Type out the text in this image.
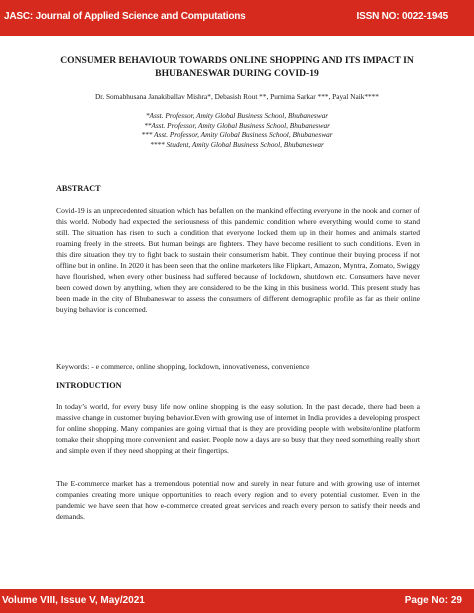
JASC: Journal of Applied Science and Computations	ISSN NO: 0022-1945
CONSUMER BEHAVIOUR TOWARDS ONLINE SHOPPING AND ITS IMPACT IN BHUBANESWAR DURING COVID-19
Dr. Somabhusana Janakiballav Mishra*, Debasish Rout **, Purnima Sarkar ***, Payal Naik****
*Asst. Professor, Amity Global Business School, Bhubaneswar
**Asst. Professor, Amity Global Business School, Bhubaneswar
*** Asst. Professor, Amity Global Business School, Bhubaneswar
**** Student, Amity Global Business School, Bhubaneswar
ABSTRACT

Covid-19 is an unprecedented situation which has befallen on the mankind effecting everyone in the nook and corner of this world. Nobody had expected the seriousness of this pandemic condition where everything would come to stand still. The situation has risen to such a condition that everyone locked them up in their homes and animals started roaming freely in the streets. But human beings are fighters. They have become resilient to such conditions. Even in this dire situation they try to fight back to sustain their consumerism habit. They continue their buying process if not offline but in online. In 2020 it has been seen that the online marketers like Flipkart, Amazon, Myntra, Zomato, Swiggy have flourished, when every other business had suffered because of lockdown, shutdown etc. Consumers have never been cowed down by anything, when they are considered to be the king in this business world. This present study has been made in the city of Bhubaneswar to assess the consumers of different demographic profile as far as their online buying behavior is concerned.

Keywords: - e commerce, online shopping, lockdown, innovativeness, convenience

INTRODUCTION

In today’s world, for every busy life now online shopping is the easy solution. In the past decade, there had been a massive change in customer buying behavior.Even with growing use of internet in India provides a developing prospect for online shopping. Many companies are going virtual that is they are providing people with website/online platform tomake their shopping more convenient and easier. People now a days are so busy that they need something really short and simple even if they need shopping at their fingertips.

The E-commerce market has a tremendous potential now and surely in near future and with growing use of internet companies creating more unique opportunities to reach every region and to every potential customer. Even in the pandemic we have seen that how e-commerce created great services and reach every person to satisfy their needs and demands.

Volume VIII, Issue V, May/2021	Page No: 29
